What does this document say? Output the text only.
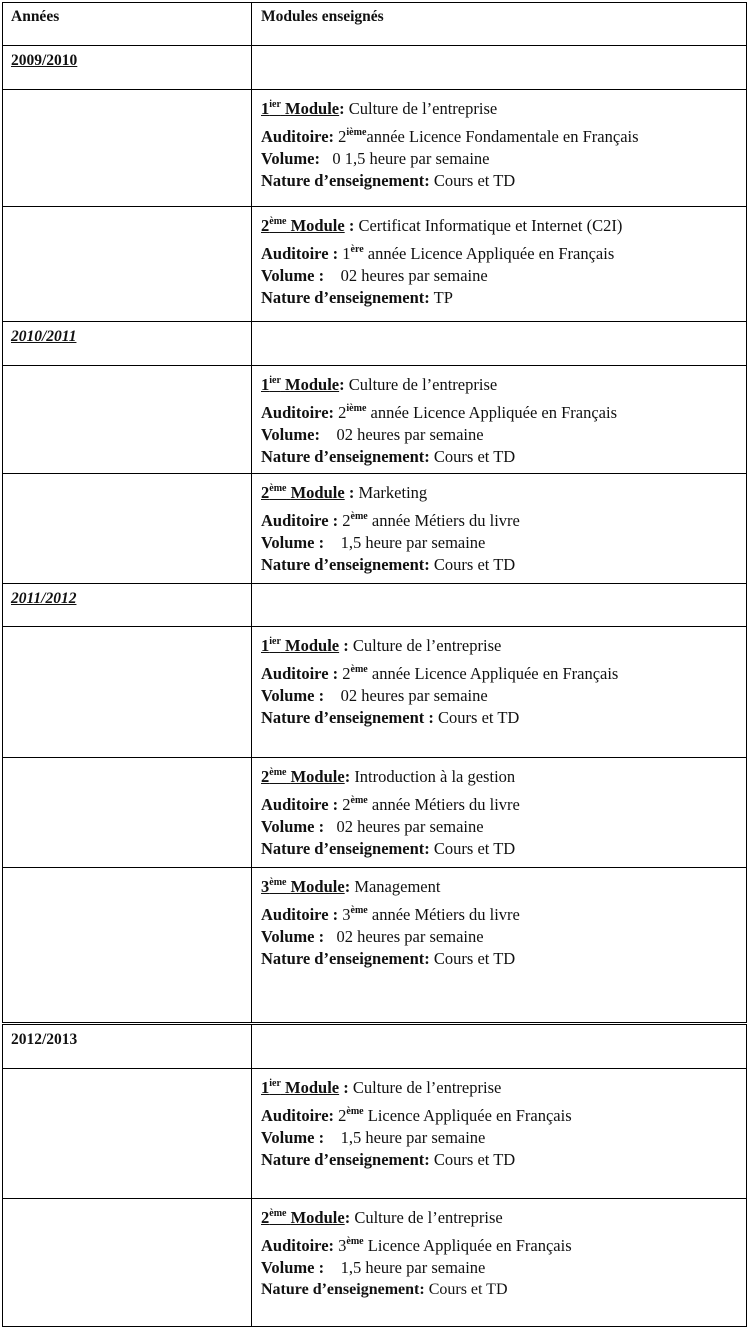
Années	Modules enseignés
2009/2010
$1^{ier}$ Module: Culture de l’entreprise
Auditoire: 2ièmeannée Licence Fondamentale en Français
Volume: 0 1,5 heure par semaine
Nature d’enseignement: Cours et TD
2ème Module : Certificat Informatique et Internet (C2I)
Auditoire : 1ère année Licence Appliquée en Français
Volume : 02 heures par semaine
Nature d’enseignement: TP
2010/2011
$1^{ier}$ Module: Culture de l’entreprise
Auditoire: 2ième année Licence Appliquée en Français
Volume: 02 heures par semaine
Nature d’enseignement: Cours et TD
2ème Module : Marketing
Auditoire : 2ème année Métiers du livre
Volume : 1,5 heure par semaine
Nature d’enseignement: Cours et TD
2011/2012
$1^{ier}$ Module : Culture de l’entreprise
Auditoire : 2ème année Licence Appliquée en Français
Volume : 02 heures par semaine
Nature d’enseignement : Cours et TD
2ème Module: Introduction à la gestion
Auditoire : 2ème année Métiers du livre
Volume : 02 heures par semaine
Nature d’enseignement: Cours et TD
3ème Module: Management
Auditoire : 3ème année Métiers du livre
Volume : 02 heures par semaine
Nature d’enseignement: Cours et TD
2012/2013
$1^{ier}$ Module : Culture de l’entreprise
Auditoire: 2ème Licence Appliquée en Français
Volume : 1,5 heure par semaine
Nature d’enseignement: Cours et TD
2ème Module: Culture de l’entreprise
Auditoire: 3ème Licence Appliquée en Français
Volume : 1,5 heure par semaine
Nature d’enseignement: Cours et TD
